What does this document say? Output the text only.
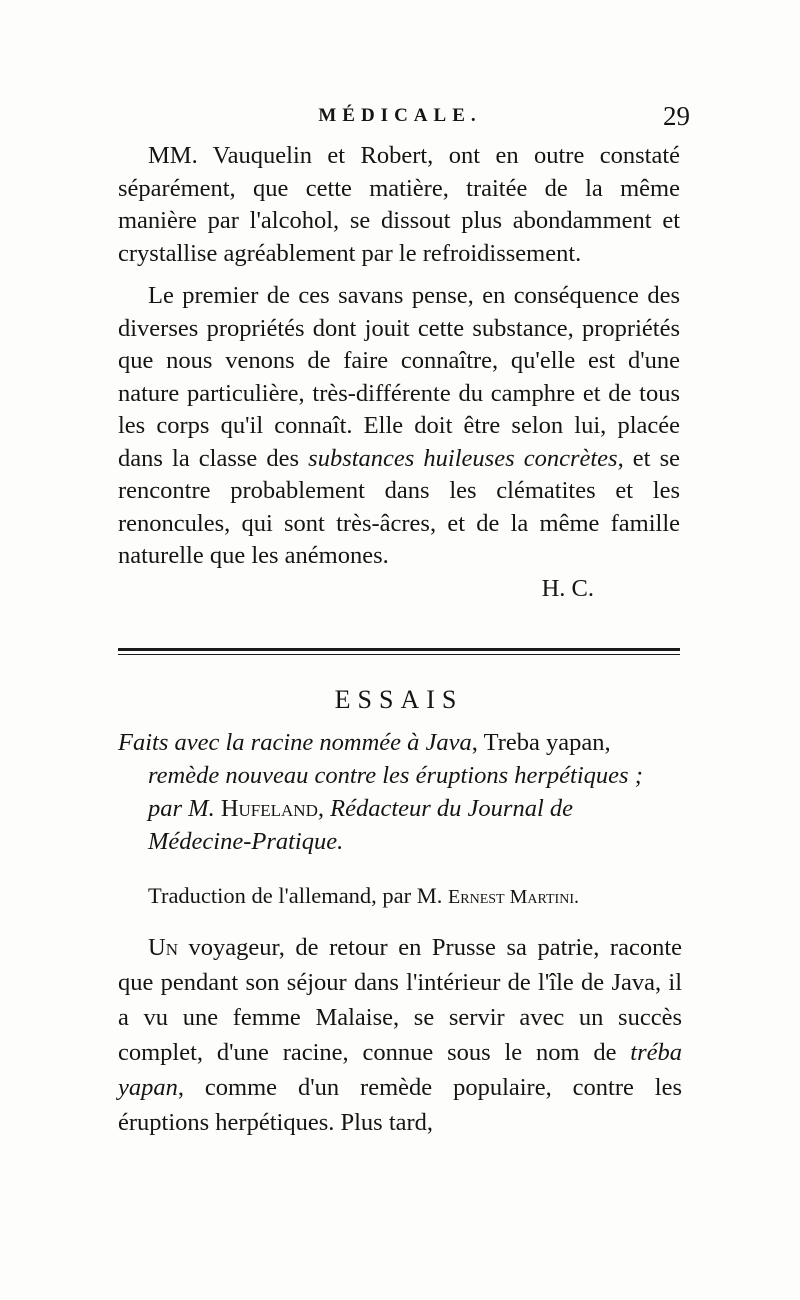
MÉDICALE.	29

MM. Vauquelin et Robert, ont en outre constaté séparément, que cette matière, traitée de la même manière par l'alcohol, se dissout plus abondamment et crystallise agréablement par le refroidissement.

Le premier de ces savans pense, en conséquence des diverses propriétés dont jouit cette substance, propriétés que nous venons de faire connaître, qu'elle est d'une nature particulière, très-différente du camphre et de tous les corps qu'il connaît. Elle doit être selon lui, placée dans la classe des substances huileuses concrètes, et se rencontre probablement dans les clématites et les renoncules, qui sont très-âcres, et de la même famille naturelle que les anémones.

H. C.
ESSAIS
Faits avec la racine nommée à Java, Treba yapan,
remède nouveau contre les éruptions herpétiques ;
par M. Hufeland, Rédacteur du Journal de
Médecine-Pratique.
Traduction de l'allemand, par M. Ernest Martini.

Un voyageur, de retour en Prusse sa patrie, raconte que pendant son séjour dans l'intérieur de l'île de Java, il a vu une femme Malaise, se servir avec un succès complet, d'une racine, connue sous le nom de tréba yapan, comme d'un remède populaire, contre les éruptions herpétiques. Plus tard,
